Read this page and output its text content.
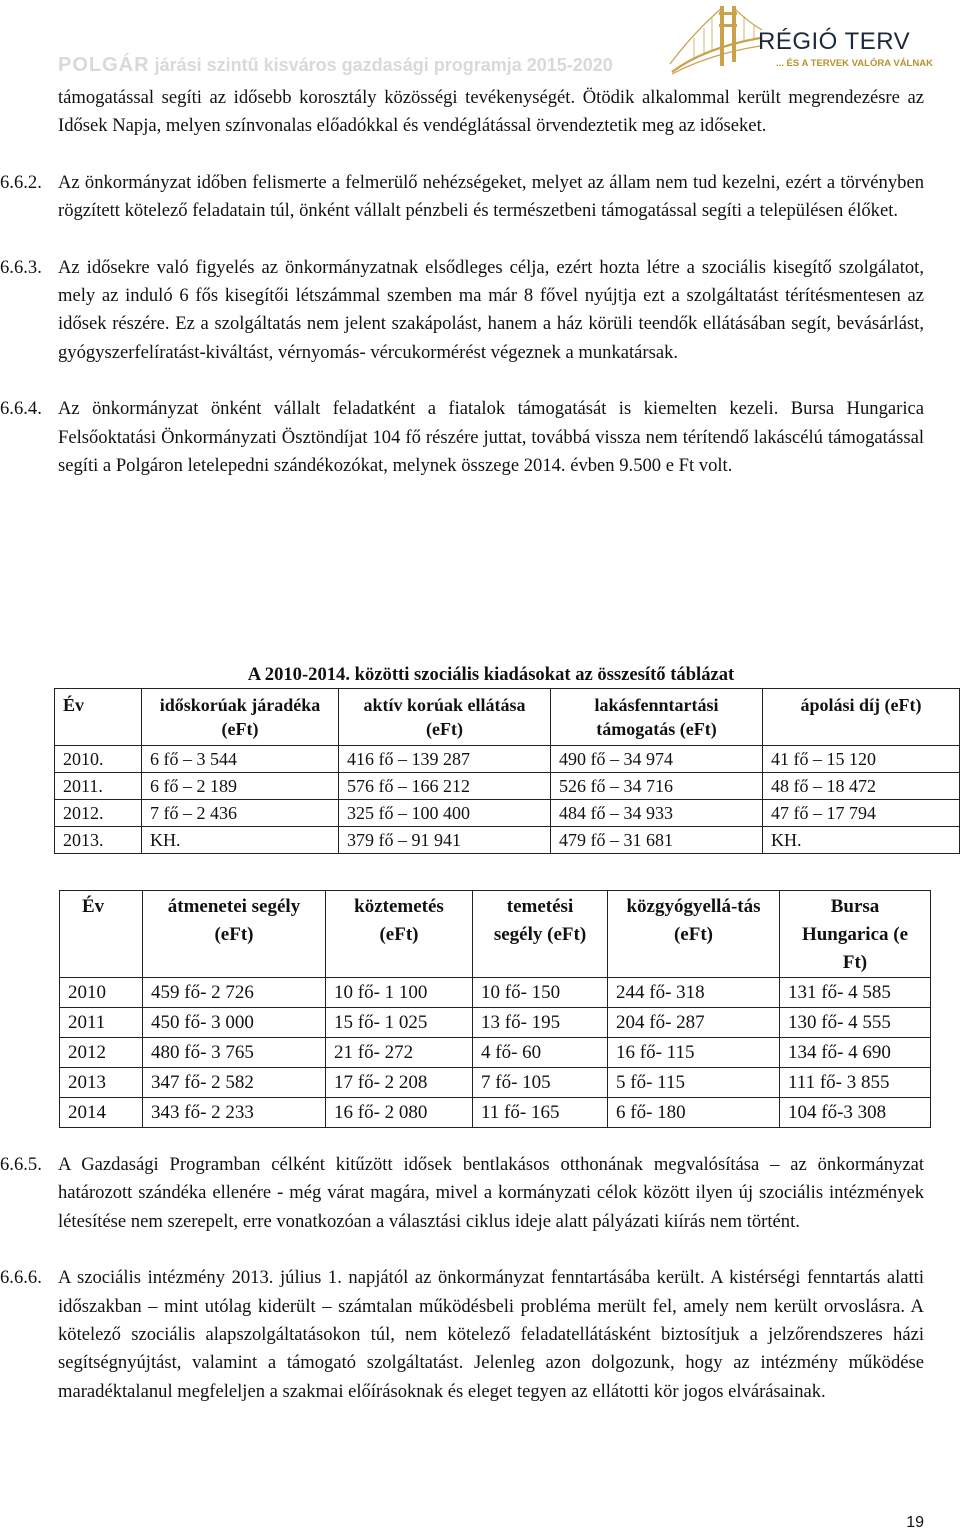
POLGÁR járási szintű kisváros gazdasági programja 2015-2020
RÉGIÓ TERV
... ÉS A TERVEK VALÓRA VÁLNAK

támogatással segíti az idősebb korosztály közösségi tevékenységét. Ötödik alkalommal került megrendezésre az Idősek Napja, melyen színvonalas előadókkal és vendéglátással örvendeztetik meg az időseket.

6.6.2. Az önkormányzat időben felismerte a felmerülő nehézségeket, melyet az állam nem tud kezelni, ezért a törvényben rögzített kötelező feladatain túl, önként vállalt pénzbeli és természetbeni támogatással segíti a településen élőket.

6.6.3. Az idősekre való figyelés az önkormányzatnak elsődleges célja, ezért hozta létre a szociális kisegítő szolgálatot, mely az induló 6 fős kisegítői létszámmal szemben ma már 8 fővel nyújtja ezt a szolgáltatást térítésmentesen az idősek részére. Ez a szolgáltatás nem jelent szakápolást, hanem a ház körüli teendők ellátásában segít, bevásárlást, gyógyszerfelíratást-kiváltást, vérnyomás- vércukormérést végeznek a munkatársak.

6.6.4. Az önkormányzat önként vállalt feladatként a fiatalok támogatását is kiemelten kezeli. Bursa Hungarica Felsőoktatási Önkormányzati Ösztöndíjat 104 fő részére juttat, továbbá vissza nem térítendő lakáscélú támogatással segíti a Polgáron letelepedni szándékozókat, melynek összege 2014. évben 9.500 e Ft volt.

A 2010-2014. közötti szociális kiadásokat az összesítő táblázat
Év	időskorúak járadéka (eFt)	aktív korúak ellátása (eFt)	lakásfenntartási támogatás (eFt)	ápolási díj (eFt)
2010.	6 fő – 3 544	416 fő – 139 287	490 fő – 34 974	41 fő – 15 120
2011.	6 fő – 2 189	576 fő – 166 212	526 fő – 34 716	48 fő – 18 472
2012.	7 fő – 2 436	325 fő – 100 400	484 fő – 34 933	47 fő – 17 794
2013.	KH.	379 fő – 91 941	479 fő – 31 681	KH.
Év	átmenetei segély (eFt)	köztemetés (eFt)	temetési segély (eFt)	közgyógyellá-tás (eFt)	Bursa Hungarica (e Ft)
2010	459 fő- 2 726	10 fő- 1 100	10 fő- 150	244 fő- 318	131 fő- 4 585
2011	450 fő- 3 000	15 fő- 1 025	13 fő- 195	204 fő- 287	130 fő- 4 555
2012	480 fő- 3 765	21 fő- 272	4 fő- 60	16 fő- 115	134 fő- 4 690
2013	347 fő- 2 582	17 fő- 2 208	7 fő- 105	5 fő- 115	111 fő- 3 855
2014	343 fő- 2 233	16 fő- 2 080	11 fő- 165	6 fő- 180	104 fő-3 308

6.6.5. A Gazdasági Programban célként kitűzött idősek bentlakásos otthonának megvalósítása – az önkormányzat határozott szándéka ellenére - még várat magára, mivel a kormányzati célok között ilyen új szociális intézmények létesítése nem szerepelt, erre vonatkozóan a választási ciklus ideje alatt pályázati kiírás nem történt.

6.6.6. A szociális intézmény 2013. július 1. napjától az önkormányzat fenntartásába került. A kistérségi fenntartás alatti időszakban – mint utólag kiderült – számtalan működésbeli probléma merült fel, amely nem került orvoslásra. A kötelező szociális alapszolgáltatásokon túl, nem kötelező feladatellátásként biztosítjuk a jelzőrendszeres házi segítségnyújtást, valamint a támogató szolgáltatást. Jelenleg azon dolgozunk, hogy az intézmény működése maradéktalanul megfeleljen a szakmai előírásoknak és eleget tegyen az ellátotti kör jogos elvárásainak.

19
